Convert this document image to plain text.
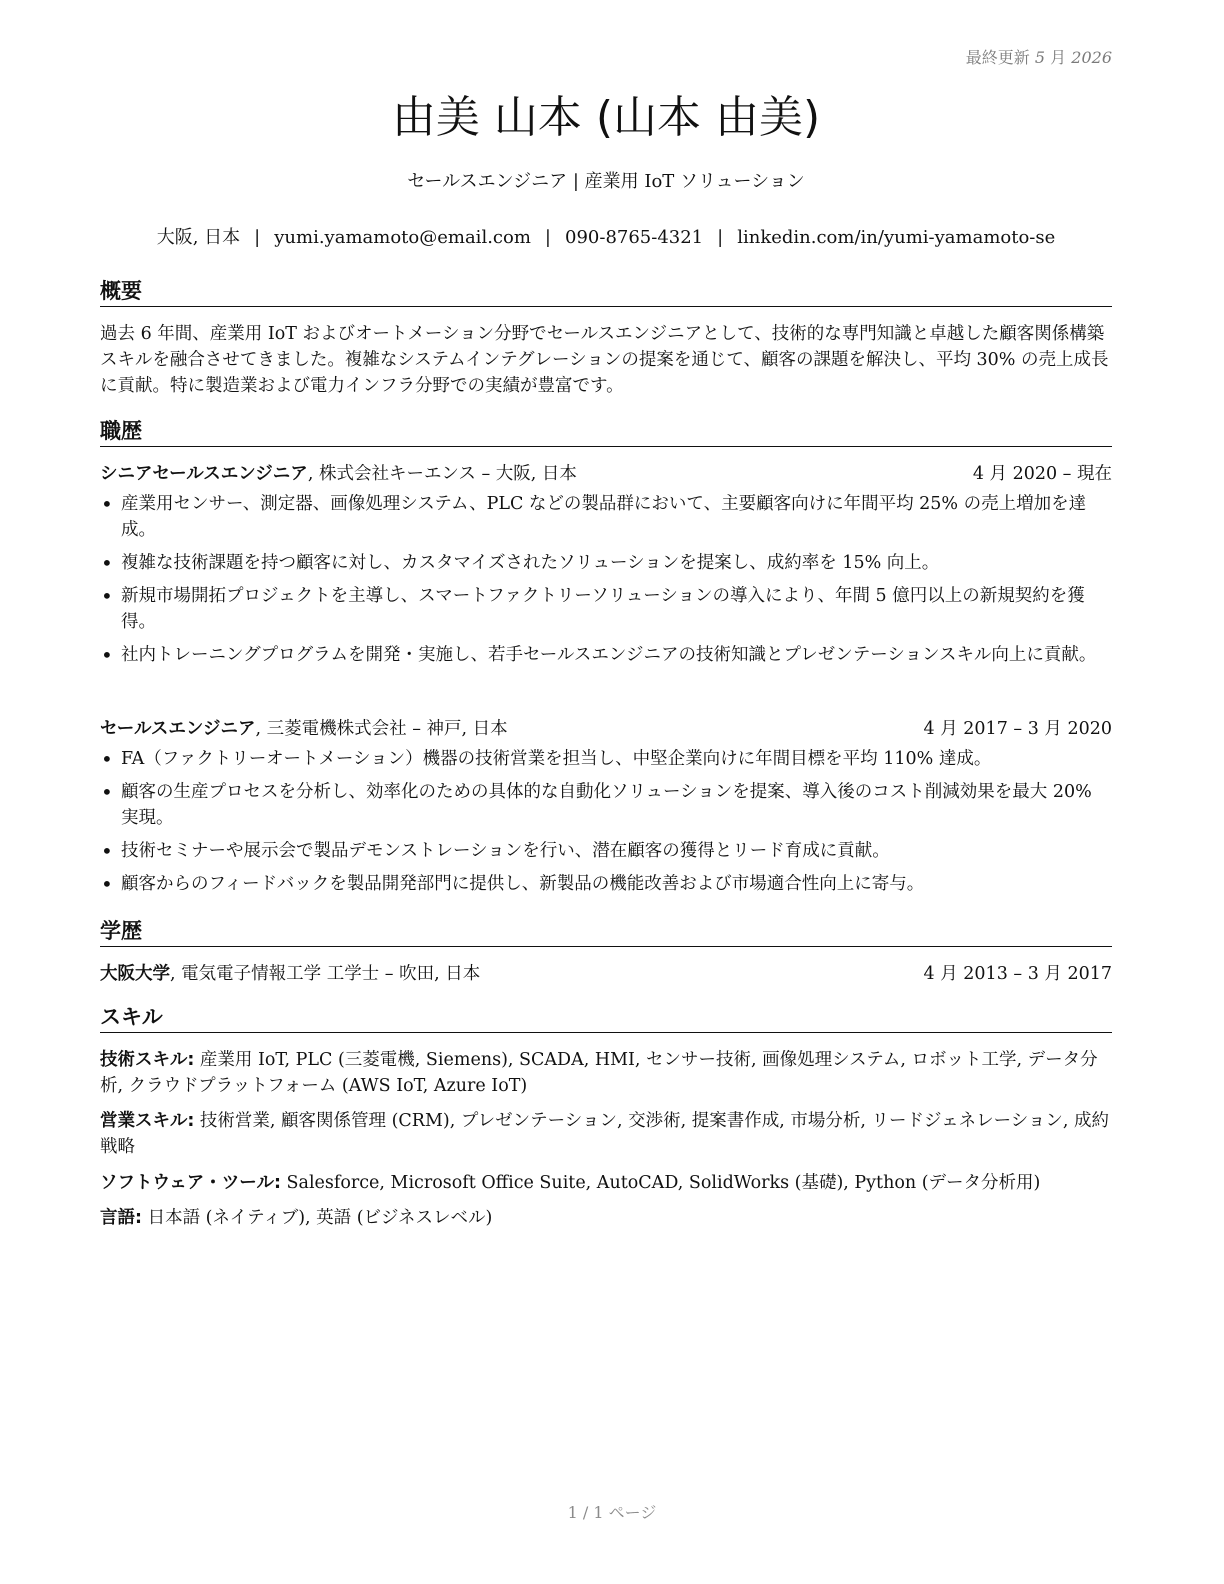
最終更新 5 月 2026
由美 山本 (山本 由美)
セールスエンジニア | 産業用 IoT ソリューション
大阪, 日本 | yumi.yamamoto@email.com | 090-8765-4321 | linkedin.com/in/yumi-yamamoto-se
概要

過去 6 年間、産業用 IoT およびオートメーション分野でセールスエンジニアとして、技術的な専門知識と卓越した顧客関係構築スキルを融合させてきました。複雑なシステムインテグレーションの提案を通じて、顧客の課題を解決し、平均 30% の売上成長に貢献。特に製造業および電力インフラ分野での実績が豊富です。

職歴
シニアセールスエンジニア, 株式会社キーエンス – 大阪, 日本	4 月 2020 – 現在
• 産業用センサー、測定器、画像処理システム、PLC などの製品群において、主要顧客向けに年間平均 25% の売上増加を達成。
• 複雑な技術課題を持つ顧客に対し、カスタマイズされたソリューションを提案し、成約率を 15% 向上。
• 新規市場開拓プロジェクトを主導し、スマートファクトリーソリューションの導入により、年間 5 億円以上の新規契約を獲得。
• 社内トレーニングプログラムを開発・実施し、若手セールスエンジニアの技術知識とプレゼンテーションスキル向上に貢献。
セールスエンジニア, 三菱電機株式会社 – 神戸, 日本	4 月 2017 – 3 月 2020
• FA（ファクトリーオートメーション）機器の技術営業を担当し、中堅企業向けに年間目標を平均 110% 達成。
• 顧客の生産プロセスを分析し、効率化のための具体的な自動化ソリューションを提案、導入後のコスト削減効果を最大 20% 実現。
• 技術セミナーや展示会で製品デモンストレーションを行い、潜在顧客の獲得とリード育成に貢献。
• 顧客からのフィードバックを製品開発部門に提供し、新製品の機能改善および市場適合性向上に寄与。
学歴
大阪大学, 電気電子情報工学 工学士 – 吹田, 日本	4 月 2013 – 3 月 2017
スキル

技術スキル: 産業用 IoT, PLC (三菱電機, Siemens), SCADA, HMI, センサー技術, 画像処理システム, ロボット工学, データ分析, クラウドプラットフォーム (AWS IoT, Azure IoT)

営業スキル: 技術営業, 顧客関係管理 (CRM), プレゼンテーション, 交渉術, 提案書作成, 市場分析, リードジェネレーション, 成約戦略

ソフトウェア・ツール: Salesforce, Microsoft Office Suite, AutoCAD, SolidWorks (基礎), Python (データ分析用)

言語: 日本語 (ネイティブ), 英語 (ビジネスレベル)

1 / 1 ページ
